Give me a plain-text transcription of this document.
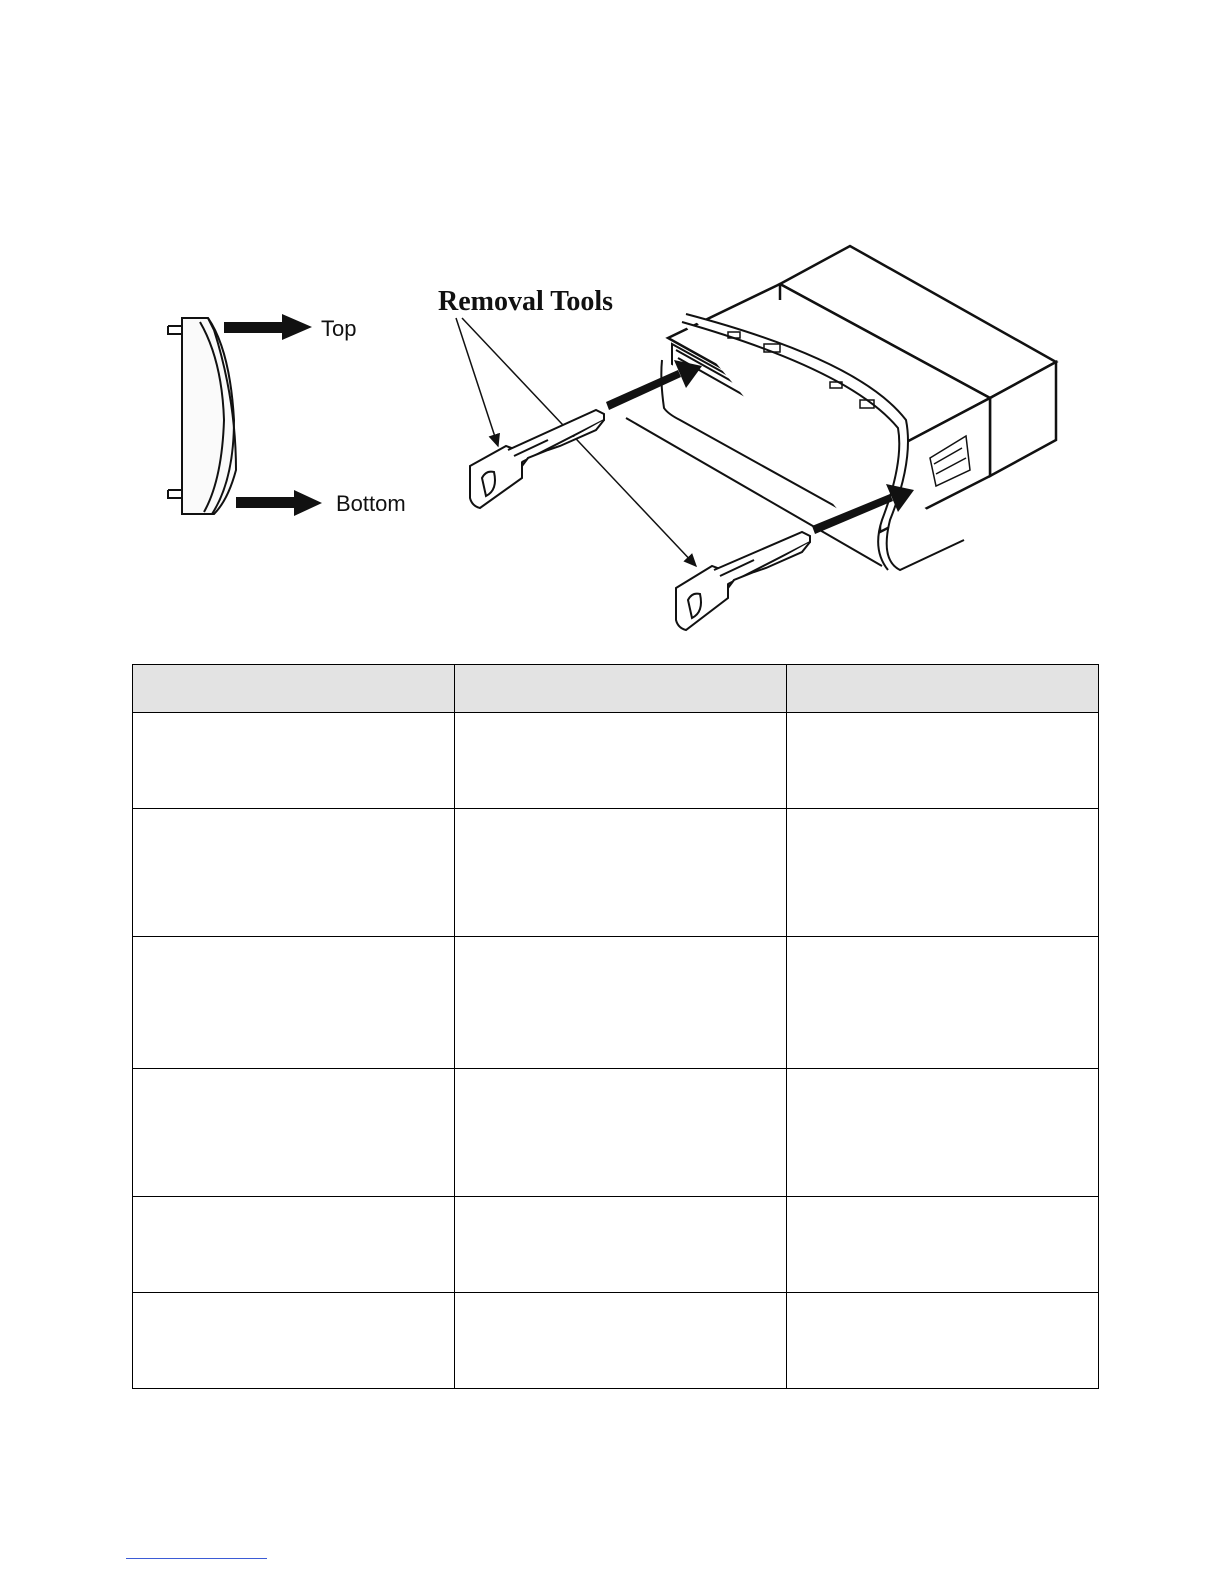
Top
Bottom
Removal Tools
